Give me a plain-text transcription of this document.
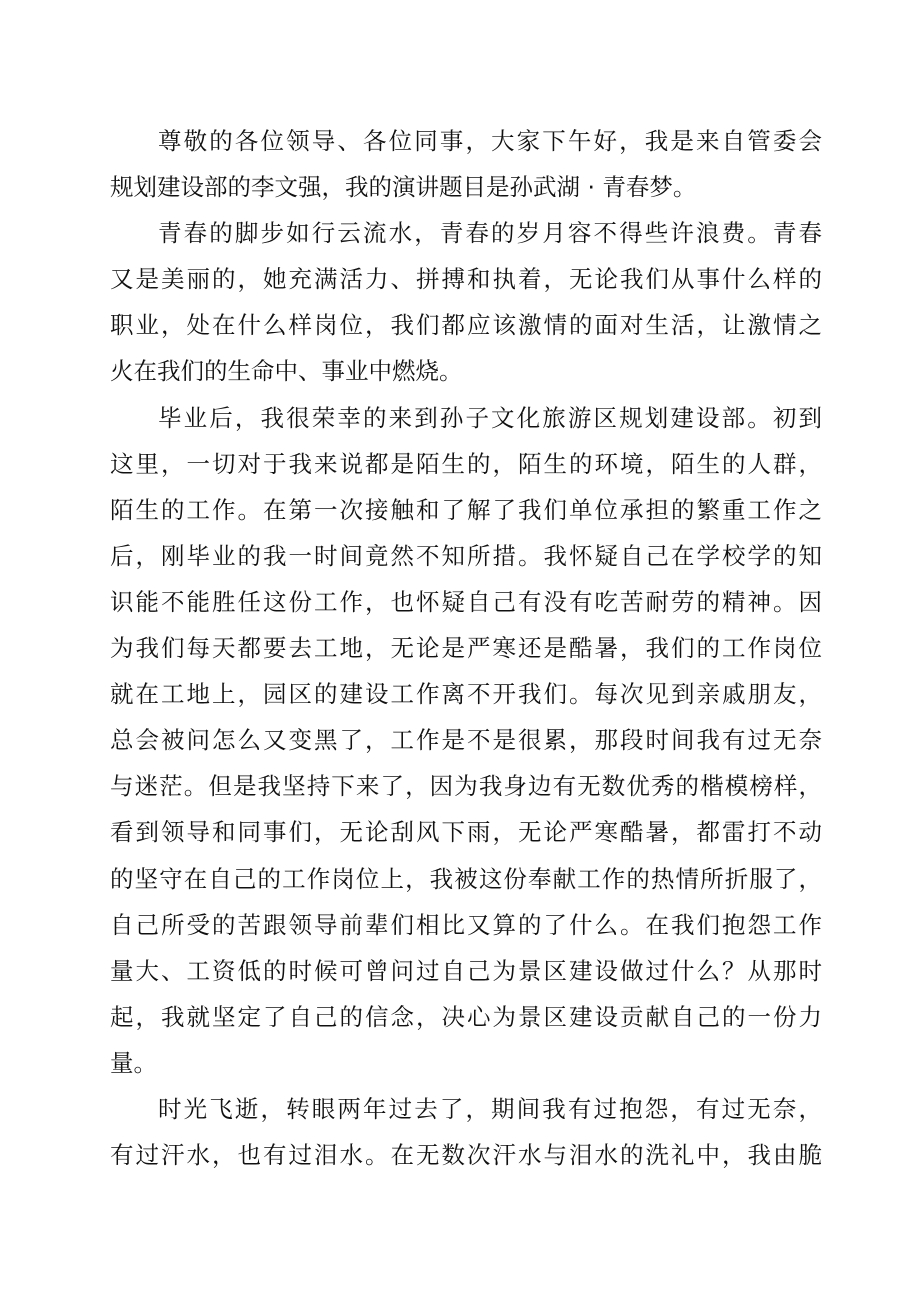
尊敬的各位领导、各位同事，大家下午好，我是来自管委会
规划建设部的李文强，我的演讲题目是孙武湖 · 青春梦。
青春的脚步如行云流水，青春的岁月容不得些许浪费。青春
又是美丽的，她充满活力、拼搏和执着，无论我们从事什么样的
职业，处在什么样岗位，我们都应该激情的面对生活，让激情之
火在我们的生命中、事业中燃烧。
毕业后，我很荣幸的来到孙子文化旅游区规划建设部。初到
这里，一切对于我来说都是陌生的，陌生的环境，陌生的人群，
陌生的工作。在第一次接触和了解了我们单位承担的繁重工作之
后，刚毕业的我一时间竟然不知所措。我怀疑自己在学校学的知
识能不能胜任这份工作，也怀疑自己有没有吃苦耐劳的精神。因
为我们每天都要去工地，无论是严寒还是酷暑，我们的工作岗位
就在工地上，园区的建设工作离不开我们。每次见到亲戚朋友，
总会被问怎么又变黑了，工作是不是很累，那段时间我有过无奈
与迷茫。但是我坚持下来了，因为我身边有无数优秀的楷模榜样，
看到领导和同事们，无论刮风下雨，无论严寒酷暑，都雷打不动
的坚守在自己的工作岗位上，我被这份奉献工作的热情所折服了，
自己所受的苦跟领导前辈们相比又算的了什么。在我们抱怨工作
量大、工资低的时候可曾问过自己为景区建设做过什么？从那时
起，我就坚定了自己的信念，决心为景区建设贡献自己的一份力
量。
时光飞逝，转眼两年过去了，期间我有过抱怨，有过无奈，
有过汗水，也有过泪水。在无数次汗水与泪水的洗礼中，我由脆
